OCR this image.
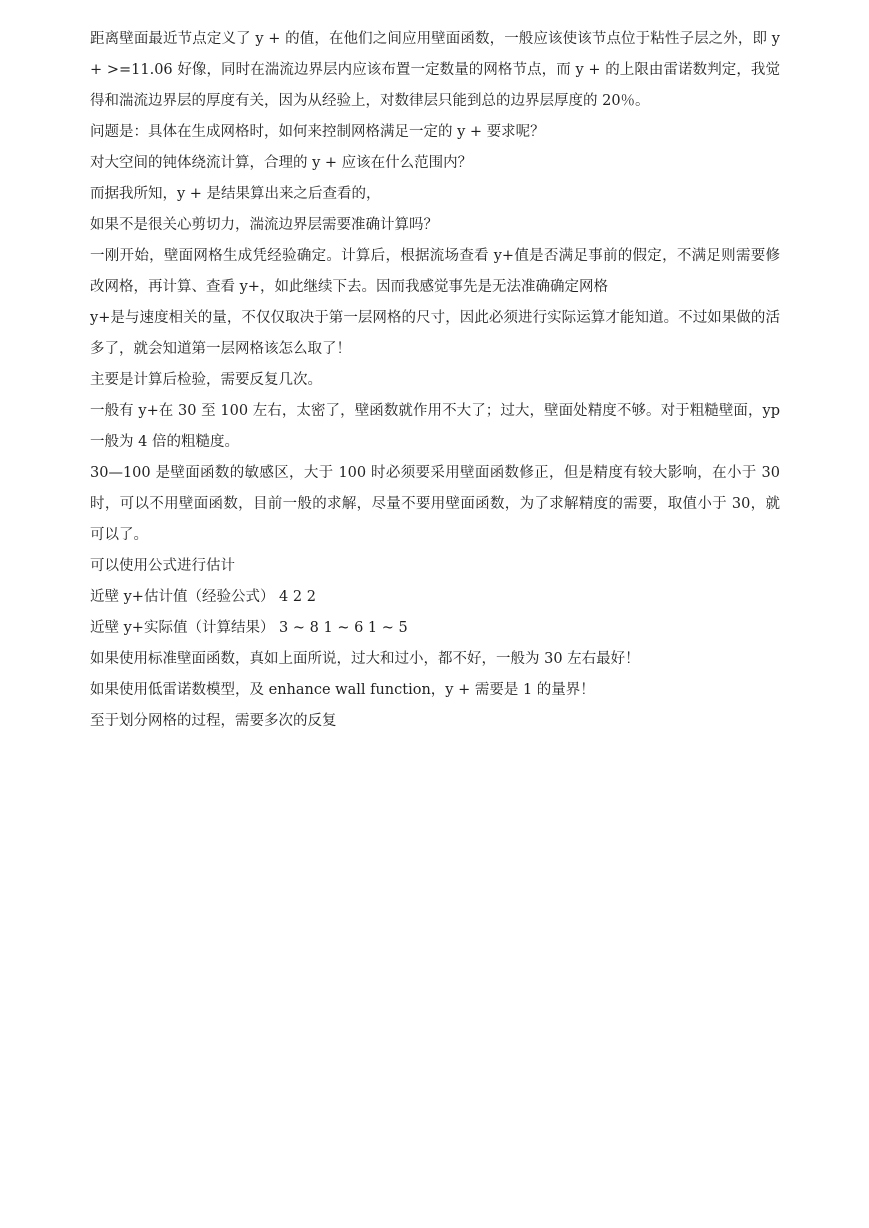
距离壁面最近节点定义了 y + 的值，在他们之间应用壁面函数，一般应该使该节点位于粘性子层之外，即 y + >=11.06 好像，同时在湍流边界层内应该布置一定数量的网格节点，而 y + 的上限由雷诺数判定，我觉得和湍流边界层的厚度有关，因为从经验上，对数律层只能到总的边界层厚度的 20％。

问题是：具体在生成网格时，如何来控制网格满足一定的 y + 要求呢？

对大空间的钝体绕流计算，合理的 y + 应该在什么范围内？

而据我所知，y + 是结果算出来之后查看的，

如果不是很关心剪切力，湍流边界层需要准确计算吗？

一刚开始，壁面网格生成凭经验确定。计算后，根据流场查看 y+值是否满足事前的假定，不满足则需要修改网格，再计算、查看 y+，如此继续下去。因而我感觉事先是无法准确确定网格

y+是与速度相关的量，不仅仅取决于第一层网格的尺寸，因此必须进行实际运算才能知道。不过如果做的活多了，就会知道第一层网格该怎么取了！

主要是计算后检验，需要反复几次。

一般有 y+在 30 至 100 左右，太密了，壁函数就作用不大了；过大，壁面处精度不够。对于粗糙壁面，yp 一般为 4 倍的粗糙度。

30—100 是壁面函数的敏感区，大于 100 时必须要采用壁面函数修正，但是精度有较大影响，在小于 30 时，可以不用壁面函数，目前一般的求解，尽量不要用壁面函数，为了求解精度的需要，取值小于 30，就可以了。

可以使用公式进行估计

近壁 y+估计值（经验公式） 4 2 2

近壁 y+实际值（计算结果） 3 ~ 8 1 ~ 6 1 ~ 5

如果使用标准壁面函数，真如上面所说，过大和过小，都不好，一般为 30 左右最好！

如果使用低雷诺数模型，及 enhance wall function，y + 需要是 1 的量界！

至于划分网格的过程，需要多次的反复
